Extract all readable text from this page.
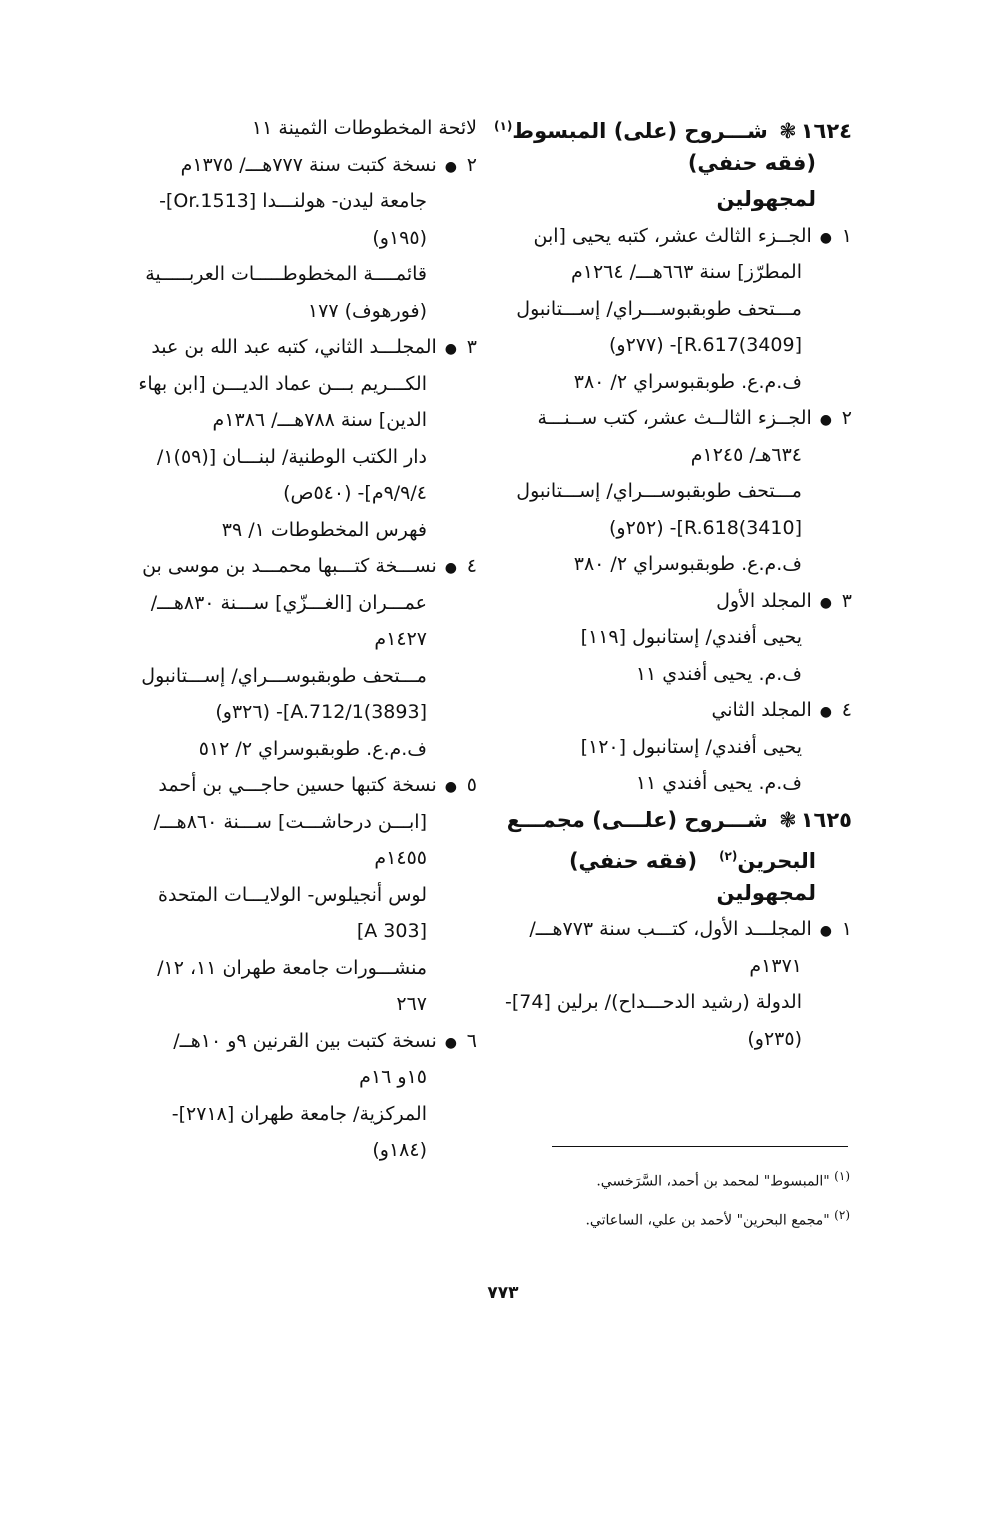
١٦٢٤❃ شـــروح (على) المبسوط$^{(١)}$
(فقه حنفي)
لمجهولين
١●الجــزء الثالث عشر، كتبه يحيى [ابن
المطرّز] سنة ٦٦٣هـــ/ ١٢٦٤م
مـــتحف طوبقبوســـراي/ إســـتانبول
[3409)R.617]- (٢٧٧و)
ف.م.ع. طوبقبوسراي ٢/ ٣٨٠
٢●الجــزء الثالــث عشر، كتب ســنـــة
٦٣٤هـ/ ١٢٤٥م
مـــتحف طوبقبوســـراي/ إســـتانبول
[3410)R.618]- (٢٥٢و)
ف.م.ع. طوبقبوسراي ٢/ ٣٨٠
٣●المجلد الأول
يحيى أفندي/ إستانبول [١١٩]
ف.م. يحيى أفندي ١١
٤●المجلد الثاني
يحيى أفندي/ إستانبول [١٢٠]
ف.م. يحيى أفندي ١١
١٦٢٥❃ شـــروح (علـــى) مجمـــع
البحرين$^{(٢)}$   (فقه حنفي)
لمجهولين
١●المجلـــد الأول، كتـــب سنة ٧٧٣هـــ/
١٣٧١م
الدولة (رشيد الدحـــداح)/ برلين [74]-
(٢٣٥و)
لائحة المخطوطات الثمينة ١١
٢●نسخة كتبت سنة ٧٧٧هـــ/ ١٣٧٥م
جامعة ليدن- هولنـــدا [Or.1513]-
(١٩٥و)
قائمــــة المخطوطـــــات العربـــــية
(فورهوف) ١٧٧
٣●المجلـــد الثاني، كتبه عبد الله بن عبد
الكـــريم بـــن عماد الديـــن [ابن بهاء
الدين] سنة ٧٨٨هـــ/ ١٣٨٦م
دار الكتب الوطنية/ لبنـــان [(٥٩)١/
٩/٩/٤م]- (٥٤٠ص)
فهرس المخطوطات ١/ ٣٩
٤●نســـخة كتـــبها محمـــد بن موسى بن
عمـــران [الغـــزّي] ســـنة ٨٣٠هـــ/
١٤٢٧م
مـــتحف طوبقبوســـراي/ إســـتانبول
[3893)A.712/1]- (٣٢٦و)
ف.م.ع. طوبقبوسراي ٢/ ٥١٢
٥●نسخة كتبها حسين حاجـــي بن أحمد
[ابـــن درحاشـــت] ســـنة ٨٦٠هـــ/
١٤٥٥م
لوس أنجيلوس- الولايـــات المتحدة
[A 303]
منشـــورات جامعة طهران ١١، ١٢/
٢٦٧
٦●نسخة كتبت بين القرنين ٩و ١٠هــ/
١٥و ١٦م
المركزية/ جامعة طهران [٢٧١٨]-
(١٨٤و)
$^{(١)}$ "المبسوط" لمحمد بن أحمد، السَّرَخسي.
$^{(٢)}$ "مجمع البحرين" لأحمد بن علي، الساعاتي.
٧٧٣
